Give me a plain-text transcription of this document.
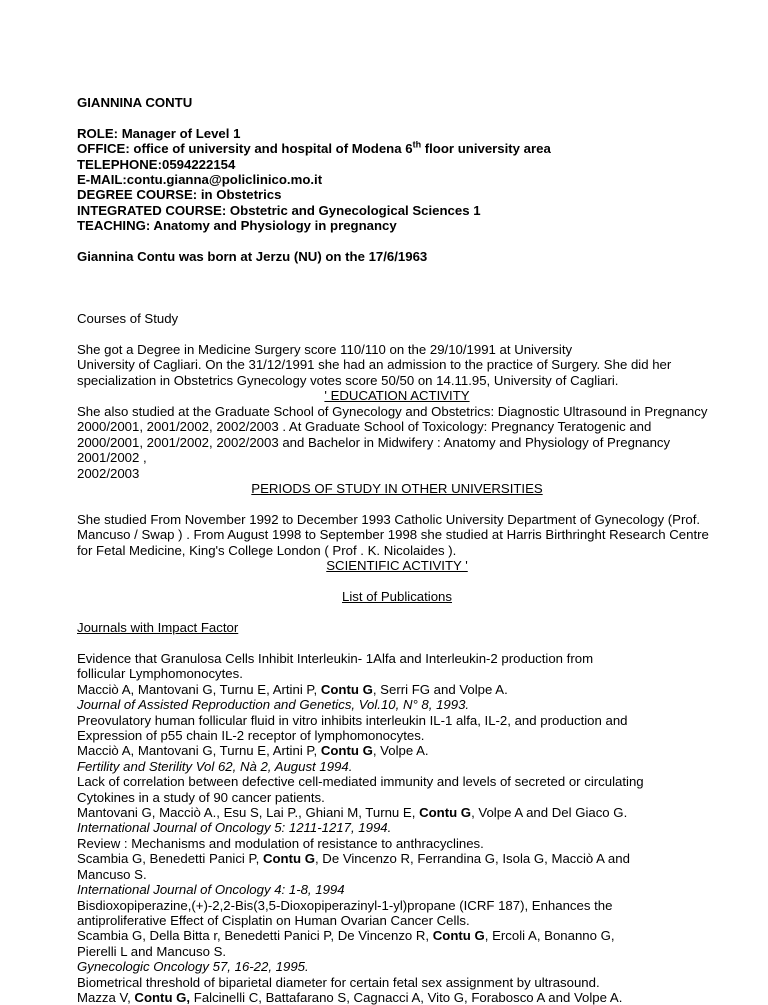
GIANNINA CONTU

ROLE: Manager of Level 1

OFFICE: office of university and hospital of Modena 6th floor university area

TELEPHONE:0594222154

E-MAIL:contu.gianna@policlinico.mo.it

DEGREE COURSE: in Obstetrics

INTEGRATED COURSE: Obstetric and Gynecological Sciences 1

TEACHING: Anatomy and Physiology in pregnancy

Giannina Contu was born at Jerzu (NU) on the 17/6/1963

Courses of Study

She got a Degree in Medicine Surgery score 110/110 on the 29/10/1991 at University
University of Cagliari. On the 31/12/1991 she had an admission to the practice of Surgery. She did her
specialization in Obstetrics Gynecology votes score 50/50 on 14.11.95, University of Cagliari.

' EDUCATION ACTIVITY

She also studied at the Graduate School of Gynecology and Obstetrics: Diagnostic Ultrasound in Pregnancy
2000/2001, 2001/2002, 2002/2003 . At Graduate School of Toxicology: Pregnancy Teratogenic and
2000/2001, 2001/2002, 2002/2003 and Bachelor in Midwifery : Anatomy and Physiology of Pregnancy
2001/2002 ,
2002/2003

PERIODS OF STUDY IN OTHER UNIVERSITIES

She studied From November 1992 to December 1993 Catholic University Department of Gynecology (Prof.
Mancuso / Swap ) . From August 1998 to September 1998 she studied at Harris Birthringht Research Centre
for Fetal Medicine, King's College London ( Prof . K. Nicolaides ).

SCIENTIFIC ACTIVITY '

List of Publications

Journals with Impact Factor

Evidence that Granulosa Cells Inhibit Interleukin- 1Alfa and Interleukin-2 production from
follicular Lymphomonocytes.
Macciò A, Mantovani G, Turnu E, Artini P, Contu G, Serri FG and Volpe A.
Journal of Assisted Reproduction and Genetics, Vol.10, N° 8, 1993.
Preovulatory human follicular fluid in vitro inhibits interleukin IL-1 alfa, IL-2, and production and
Expression of p55 chain IL-2 receptor of lymphomonocytes.
Macciò A, Mantovani G, Turnu E, Artini P, Contu G, Volpe A.
Fertility and Sterility Vol 62, Nà 2, August 1994.
Lack of correlation between defective cell-mediated immunity and levels of secreted or circulating
Cytokines in a study of 90 cancer patients.
Mantovani G, Macciò A., Esu S, Lai P., Ghiani M, Turnu E, Contu G, Volpe A and Del Giaco G.
International Journal of Oncology 5: 1211-1217, 1994.
Review : Mechanisms and modulation of resistance to anthracyclines.
Scambia G, Benedetti Panici P, Contu G, De Vincenzo R, Ferrandina G, Isola G, Macciò A and
Mancuso S.
International Journal of Oncology 4: 1-8, 1994
Bisdioxopiperazine,(+)-2,2-Bis(3,5-Dioxopiperazinyl-1-yl)propane (ICRF 187), Enhances the
antiproliferative Effect of Cisplatin on Human Ovarian Cancer Cells.
Scambia G, Della Bitta r, Benedetti Panici P, De Vincenzo R, Contu G, Ercoli A, Bonanno G,
Pierelli L and Mancuso S.
Gynecologic Oncology 57, 16-22, 1995.
Biometrical threshold of biparietal diameter for certain fetal sex assignment by ultrasound.
Mazza V, Contu G, Falcinelli C, Battafarano S, Cagnacci A, Vito G, Forabosco A and Volpe A.
